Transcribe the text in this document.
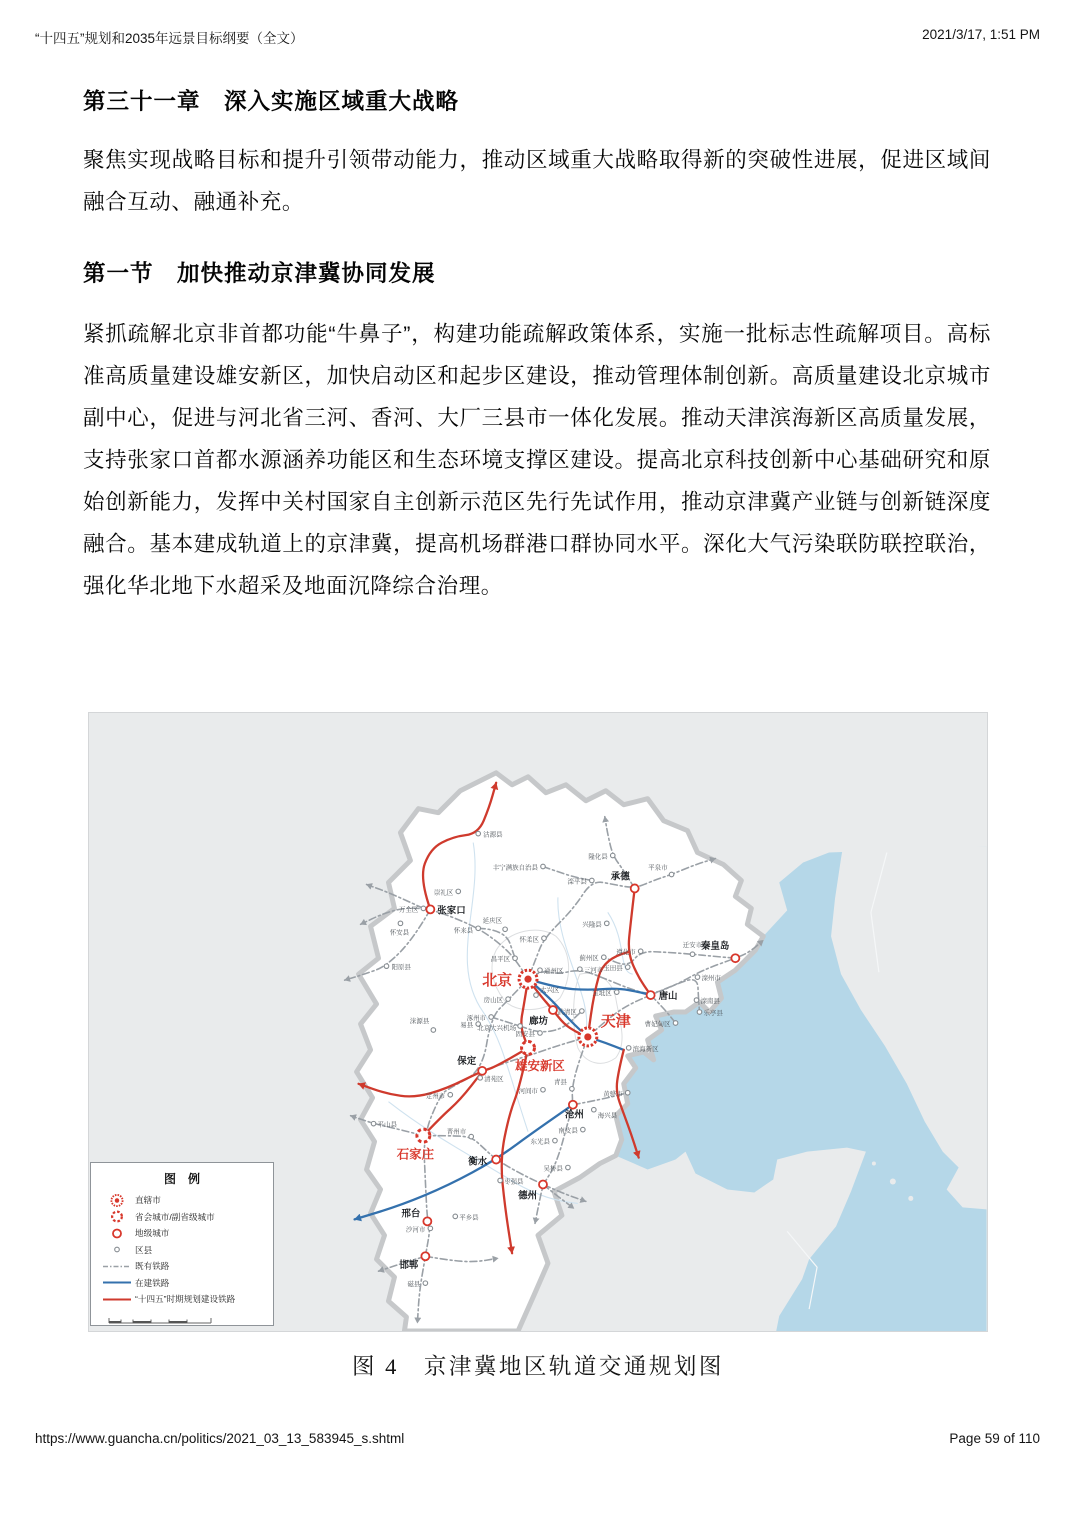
“十四五”规划和2035年远景目标纲要（全文）	2021/3/17, 1:51 PM
第三十一章　深入实施区域重大战略
聚焦实现战略目标和提升引领带动能力，推动区域重大战略取得新的突破性进展，促进区域间融合互动、融通补充。
第一节　加快推动京津冀协同发展
紧抓疏解北京非首都功能“牛鼻子”，构建功能疏解政策体系，实施一批标志性疏解项目。高标准高质量建设雄安新区，加快启动区和起步区建设，推动管理体制创新。高质量建设北京城市副中心，促进与河北省三河、香河、大厂三县市一体化发展。推动天津滨海新区高质量发展，支持张家口首都水源涵养功能区和生态环境支撑区建设。提高北京科技创新中心基础研究和原始创新能力，发挥中关村国家自主创新示范区先行先试作用，推动京津冀产业链与创新链深度融合。基本建成轨道上的京津冀，提高机场群港口群协同水平。深化大气污染联防联控联治，强化华北地下水超采及地面沉降综合治理。
沽源县
崇礼区
万全区
怀安县
阳原县
涞源县
易县
丰宁满族自治县
隆化县
滦平县
平泉市
兴隆县
怀来县
延庆区
昌平区
怀柔区
通州区
房山区
大兴区
涿州市
北京大兴机场
固安县
武清区
宝坻区
蓟州区
三河市 玉田县
遵化市
迁安市
滦州市
滦南县
乐亭县
曹妃甸区
滨海新区
黄骅市
青县
河间市
海兴县
南皮县
东光县
吴桥县
枣强县
平乡县
沙河市
磁县
晋州市
清苑区
定州市
平山县
张家口
承德
秦皇岛
唐山
廊坊
保定
沧州
衡水
邢台
邯郸
德州
石家庄
雄安新区
北京
天津
图　例
直辖市
省会城市/副省级城市
地级城市
区县
既有铁路
在建铁路
“十四五”时期规划建设铁路
图 4　京津冀地区轨道交通规划图
https://www.guancha.cn/politics/2021_03_13_583945_s.shtml	Page 59 of 110
